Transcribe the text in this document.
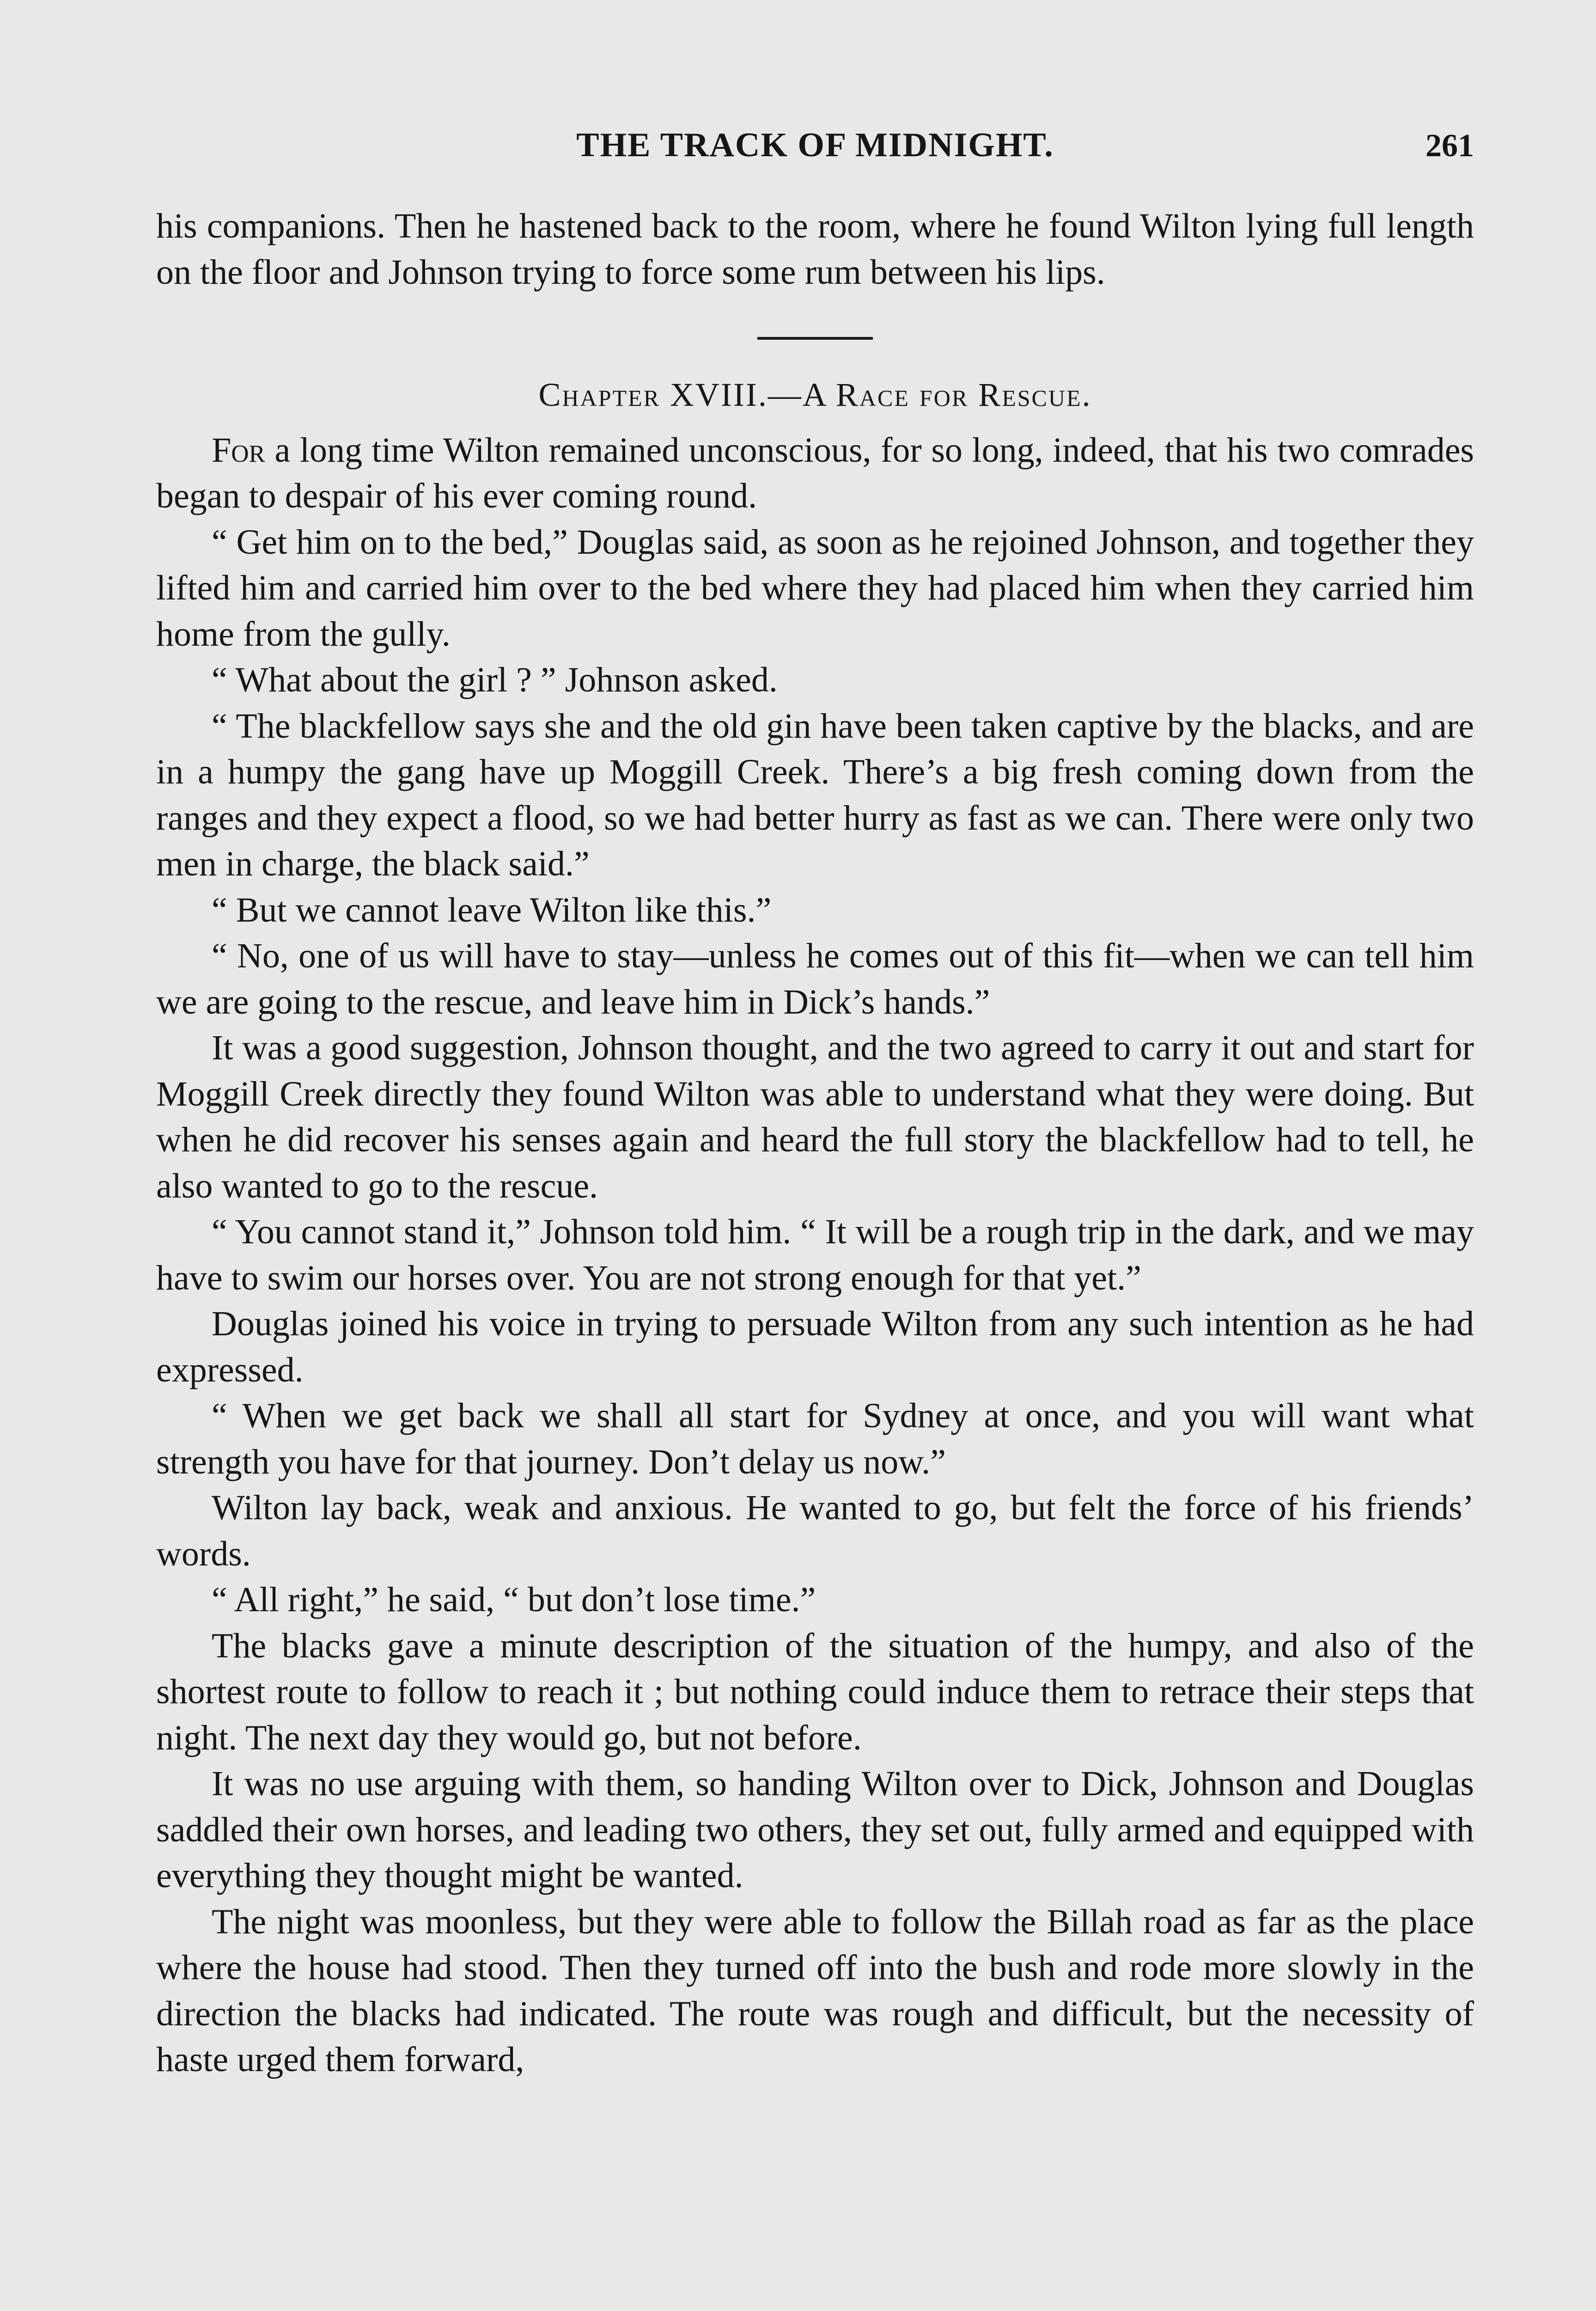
THE TRACK OF MIDNIGHT.	261

his companions. Then he hastened back to the room, where he found Wilton lying full length on the floor and Johnson trying to force some rum between his lips.

Chapter XVIII.—A Race for Rescue.

For a long time Wilton remained unconscious, for so long, indeed, that his two comrades began to despair of his ever coming round.

“ Get him on to the bed,” Douglas said, as soon as he rejoined Johnson, and together they lifted him and carried him over to the bed where they had placed him when they carried him home from the gully.

“ What about the girl ? ” Johnson asked.

“ The blackfellow says she and the old gin have been taken captive by the blacks, and are in a humpy the gang have up Moggill Creek. There’s a big fresh coming down from the ranges and they expect a flood, so we had better hurry as fast as we can. There were only two men in charge, the black said.”

“ But we cannot leave Wilton like this.”

“ No, one of us will have to stay—unless he comes out of this fit—when we can tell him we are going to the rescue, and leave him in Dick’s hands.”

It was a good suggestion, Johnson thought, and the two agreed to carry it out and start for Moggill Creek directly they found Wilton was able to understand what they were doing. But when he did recover his senses again and heard the full story the blackfellow had to tell, he also wanted to go to the rescue.

“ You cannot stand it,” Johnson told him. “ It will be a rough trip in the dark, and we may have to swim our horses over. You are not strong enough for that yet.”

Douglas joined his voice in trying to persuade Wilton from any such intention as he had expressed.

“ When we get back we shall all start for Sydney at once, and you will want what strength you have for that journey. Don’t delay us now.”

Wilton lay back, weak and anxious. He wanted to go, but felt the force of his friends’ words.

“ All right,” he said, “ but don’t lose time.”

The blacks gave a minute description of the situation of the humpy, and also of the shortest route to follow to reach it ; but nothing could induce them to retrace their steps that night. The next day they would go, but not before.

It was no use arguing with them, so handing Wilton over to Dick, Johnson and Douglas saddled their own horses, and leading two others, they set out, fully armed and equipped with everything they thought might be wanted.

The night was moonless, but they were able to follow the Billah road as far as the place where the house had stood. Then they turned off into the bush and rode more slowly in the direction the blacks had indicated. The route was rough and difficult, but the necessity of haste urged them forward,
